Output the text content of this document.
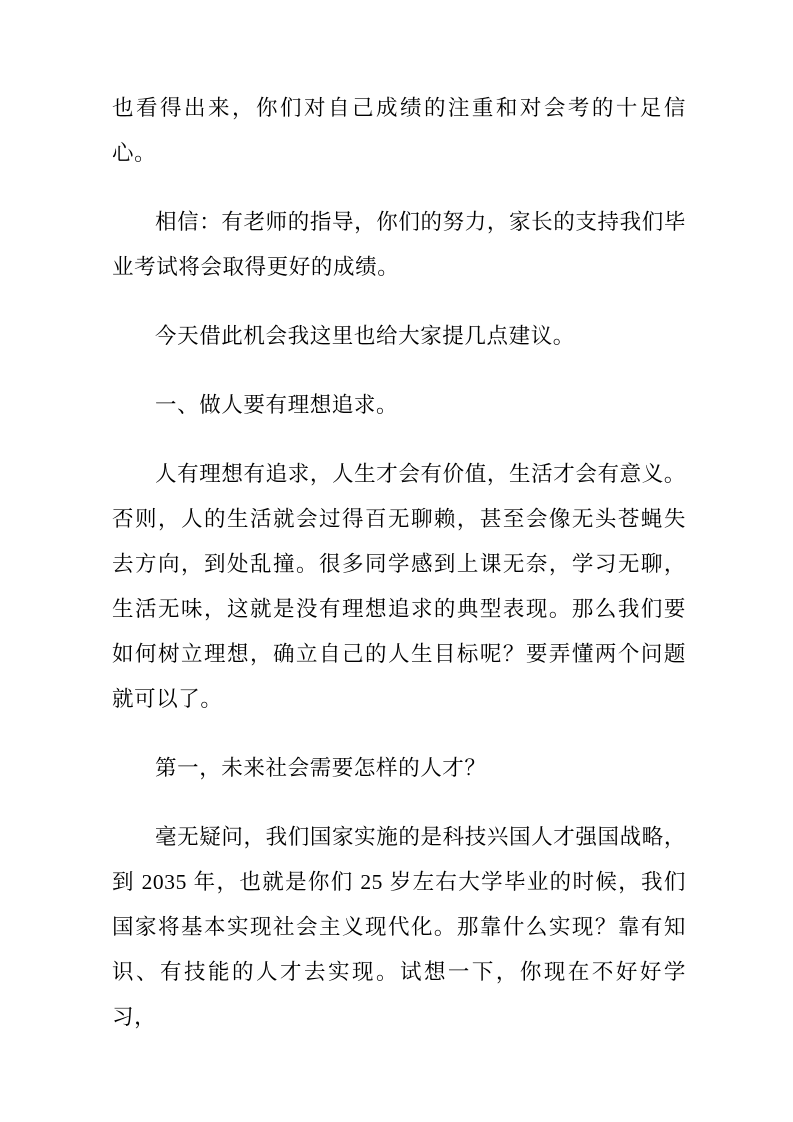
也看得出来，你们对自己成绩的注重和对会考的十足信心。

相信：有老师的指导，你们的努力，家长的支持我们毕业考试将会取得更好的成绩。

今天借此机会我这里也给大家提几点建议。

一、做人要有理想追求。

人有理想有追求，人生才会有价值，生活才会有意义。否则，人的生活就会过得百无聊赖，甚至会像无头苍蝇失去方向，到处乱撞。很多同学感到上课无奈，学习无聊，生活无味，这就是没有理想追求的典型表现。那么我们要如何树立理想，确立自己的人生目标呢？要弄懂两个问题就可以了。

第一，未来社会需要怎样的人才？

毫无疑问，我们国家实施的是科技兴国人才强国战略，到 2035 年，也就是你们 25 岁左右大学毕业的时候，我们国家将基本实现社会主义现代化。那靠什么实现？靠有知识、有技能的人才去实现。试想一下，你现在不好好学习，
